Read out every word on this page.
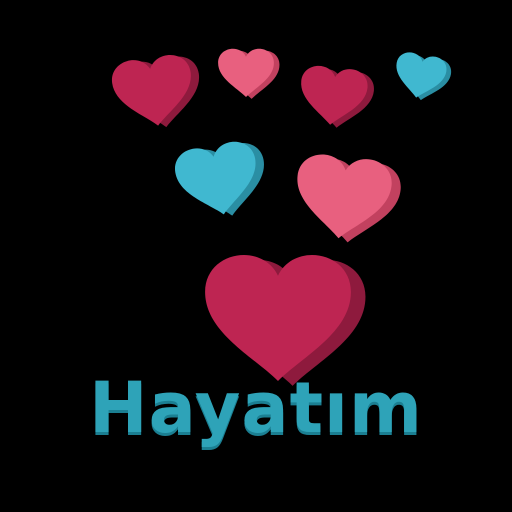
Hayatım
